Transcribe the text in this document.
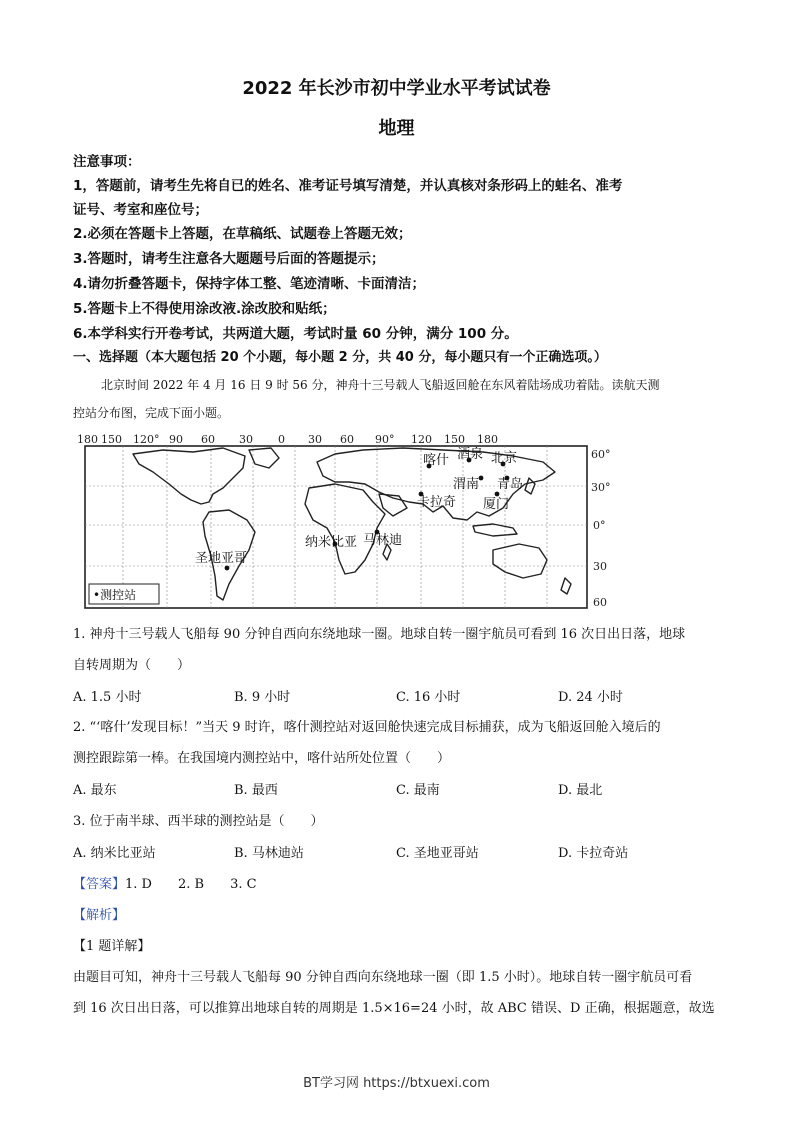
2022 年长沙市初中学业水平考试试卷
地理
注意事项：
1，答题前，请考生先将自已的姓名、准考证号填写清楚，并认真核对条形码上的蛙名、准考
证号、考室和座位号；
2.必须在答题卡上答题，在草稿纸、试题卷上答题无效；
3.答题时，请考生注意各大题题号后面的答题提示；
4.请勿折叠答题卡，保持字体工整、笔迹清晰、卡面清洁；
5.答题卡上不得使用涂改液.涂改胶和贴纸；
6.本学科实行开卷考试，共两道大题，考试时量 60 分钟，满分 100 分。
一、选择题（本大题包括 20 个小题，每小题 2 分，共 40 分，每小题只有一个正确选项。）
北京时间 2022 年 4 月 16 日 9 时 56 分，神舟十三号载人飞船返回舱在东风着陆场成功着陆。读航天测
控站分布图，完成下面小题。
180 150 120° 90 60 30 0 30 60 90° 120 150 180
60°
30°
0°
30
60
喀什 酒泉 北京
青岛
渭南
厦门
卡拉奇
纳米比亚 马林迪
圣地亚哥
•测控站
1. 神舟十三号载人飞船每 90 分钟自西向东绕地球一圈。地球自转一圈宇航员可看到 16 次日出日落，地球
自转周期为（　　）
A. 1.5 小时	B. 9 小时	C. 16 小时	D. 24 小时
2. “‘喀什’发现目标！”当天 9 时许，喀什测控站对返回舱快速完成目标捕获，成为飞船返回舱入境后的
测控跟踪第一棒。在我国境内测控站中，喀什站所处位置（　　）
A. 最东	B. 最西	C. 最南	D. 最北
3. 位于南半球、西半球的测控站是（　　）
A. 纳米比亚站	B. 马林迪站	C. 圣地亚哥站	D. 卡拉奇站
【答案】1. D　　2. B　　3. C
【解析】
【1 题详解】
由题目可知，神舟十三号载人飞船每 90 分钟自西向东绕地球一圈（即 1.5 小时）。地球自转一圈宇航员可看
到 16 次日出日落，可以推算出地球自转的周期是 1.5×16=24 小时，故 ABC 错误、D 正确，根据题意，故选
BT学习网 https://btxuexi.com
